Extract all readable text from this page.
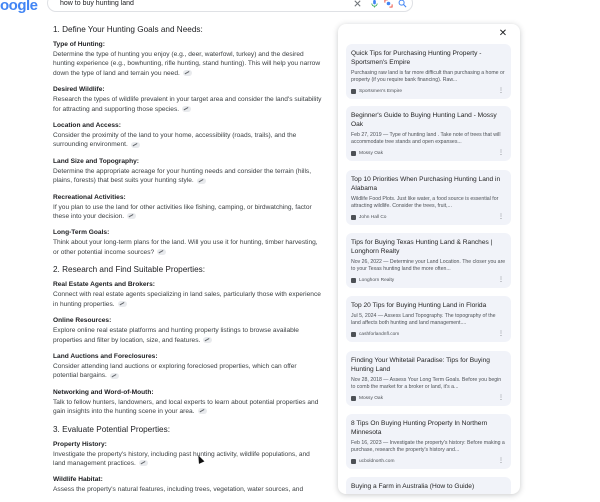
oogle	how to buy hunting land
1. Define Your Hunting Goals and Needs:
Type of Hunting:
Determine the type of hunting you enjoy (e.g., deer, waterfowl, turkey) and the desired hunting experience (e.g., bowhunting, rifle hunting, stand hunting). This will help you narrow down the type of land and terrain you need.
Desired Wildlife:
Research the types of wildlife prevalent in your target area and consider the land's suitability for attracting and supporting those species.
Location and Access:
Consider the proximity of the land to your home, accessibility (roads, trails), and the surrounding environment.
Land Size and Topography:
Determine the appropriate acreage for your hunting needs and consider the terrain (hills, plains, forests) that best suits your hunting style.
Recreational Activities:
If you plan to use the land for other activities like fishing, camping, or birdwatching, factor these into your decision.
Long-Term Goals:
Think about your long-term plans for the land. Will you use it for hunting, timber harvesting, or other potential income sources?
2. Research and Find Suitable Properties:
Real Estate Agents and Brokers:
Connect with real estate agents specializing in land sales, particularly those with experience in hunting properties.
Online Resources:
Explore online real estate platforms and hunting property listings to browse available properties and filter by location, size, and features.
Land Auctions and Foreclosures:
Consider attending land auctions or exploring foreclosed properties, which can offer potential bargains.
Networking and Word-of-Mouth:
Talk to fellow hunters, landowners, and local experts to learn about potential properties and gain insights into the hunting scene in your area.
3. Evaluate Potential Properties:
Property History:
Investigate the property's history, including past hunting activity, wildlife populations, and land management practices.
Wildlife Habitat:
Assess the property's natural features, including trees, vegetation, water sources, and
✕
Quick Tips for Purchasing Hunting Property - Sportsmen's Empire
Purchasing raw land is far more difficult than purchasing a home or property (if you require bank financing). Raw...
Sportsmen's Empire	⋮
Beginner's Guide to Buying Hunting Land - Mossy Oak
Feb 27, 2019 — Type of hunting land . Take note of trees that will accommodate tree stands and open expanses...
Mossy Oak	⋮
Top 10 Priorities When Purchasing Hunting Land in Alabama
Wildlife Food Plots. Just like water, a food source is essential for attracting wildlife. Consider the trees, fruit,...
John Hall Co	⋮
Tips for Buying Texas Hunting Land & Ranches | Longhorn Realty
Nov 26, 2022 — Determine your Land Location. The closer you are to your Texas hunting land the more often...
Longhorn Realty	⋮
Top 20 Tips for Buying Hunting Land in Florida
Jul 5, 2024 — Assess Land Topography. The topography of the land affects both hunting and land management....
cashforlandnfl.com	⋮
Finding Your Whitetail Paradise: Tips for Buying Hunting Land
Nov 28, 2018 — Assess Your Long Term Goals. Before you begin to comb the market for a broker or land, it's a...
Mossy Oak	⋮
8 Tips On Buying Hunting Property In Northern Minnesota
Feb 16, 2023 — Investigate the property's history: Before making a purchase, research the property's history and...
ucboldnorth.com	⋮
Buying a Farm in Australia (How to Guide)
